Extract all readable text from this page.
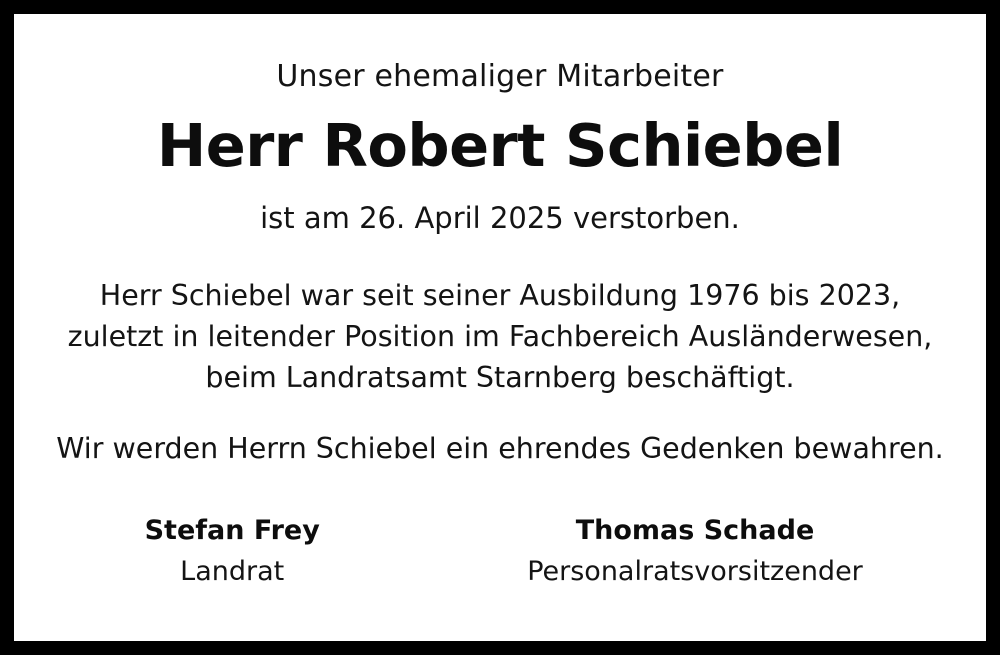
Unser ehemaliger Mitarbeiter
Herr Robert Schiebel
ist am 26. April 2025 verstorben.
Herr Schiebel war seit seiner Ausbildung 1976 bis 2023,
zuletzt in leitender Position im Fachbereich Ausländerwesen,
beim Landratsamt Starnberg beschäftigt.
Wir werden Herrn Schiebel ein ehrendes Gedenken bewahren.
Stefan Frey
Landrat
Thomas Schade
Personalratsvorsitzender
